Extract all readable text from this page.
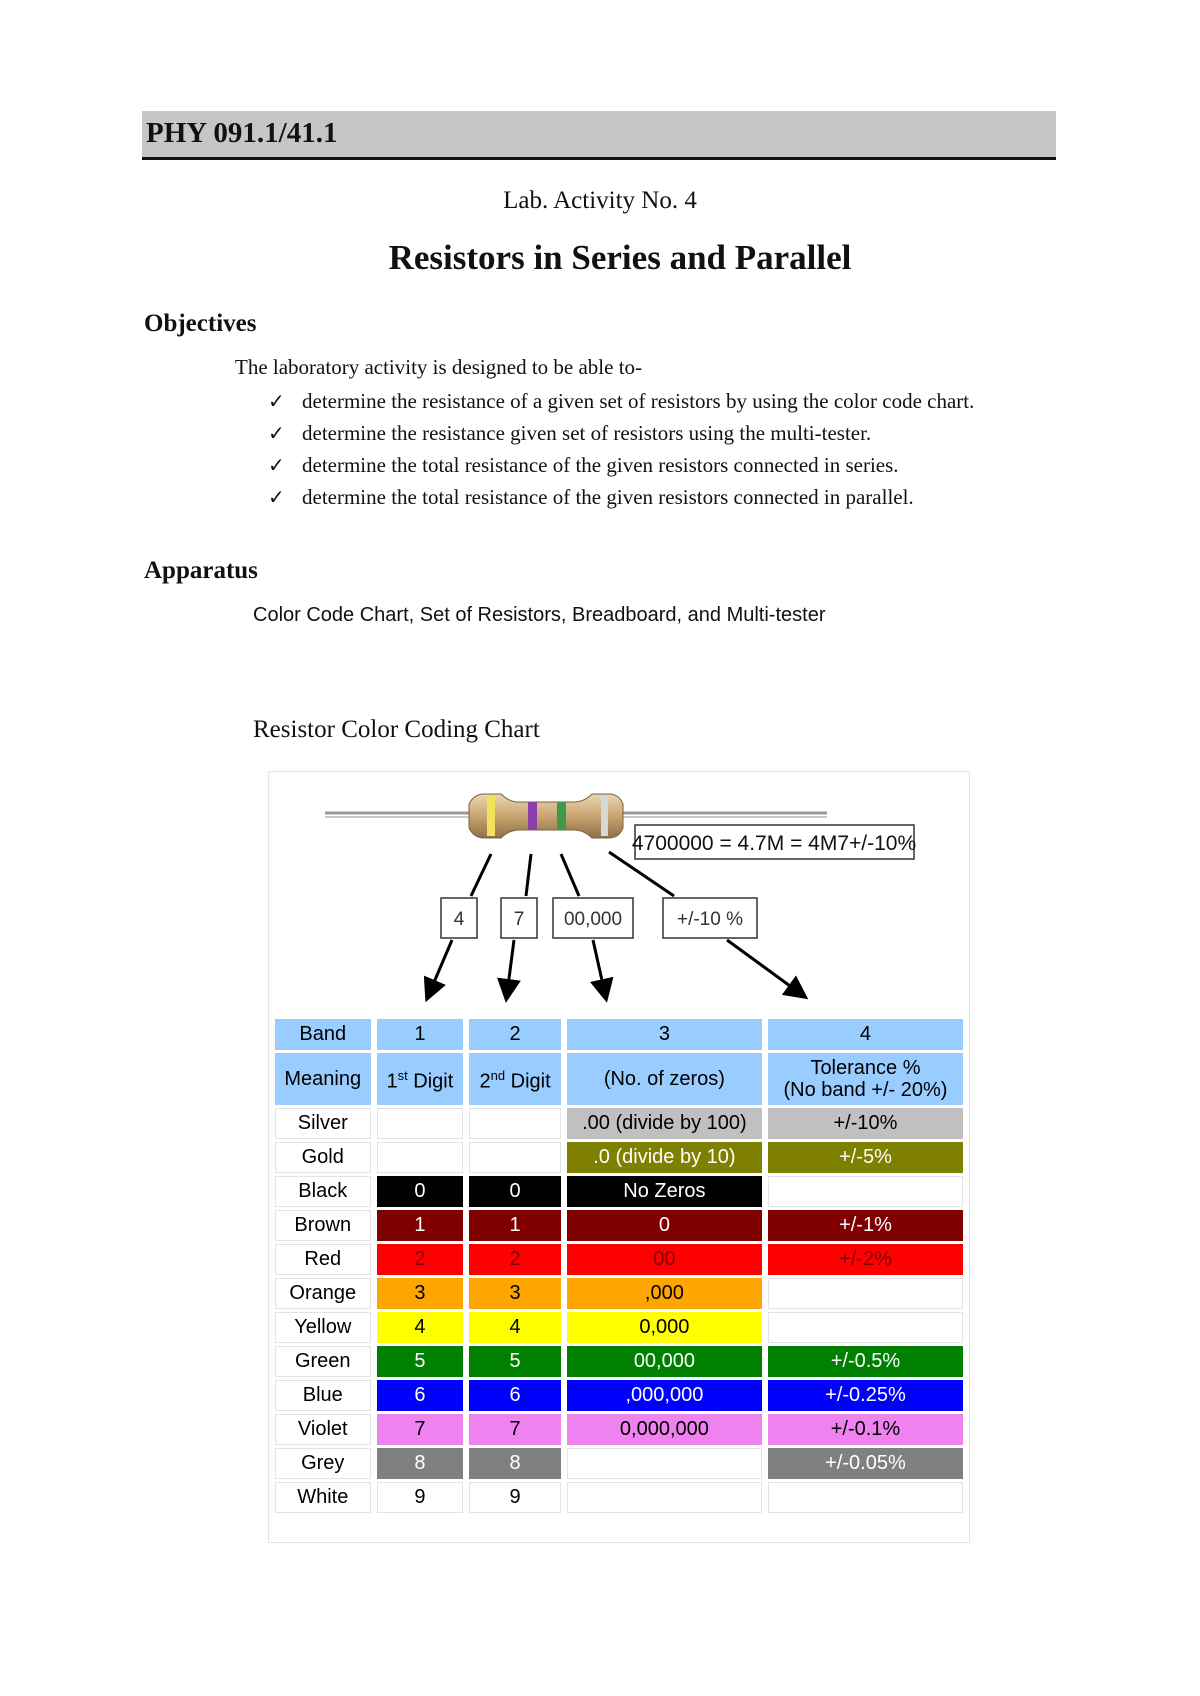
PHY 091.1/41.1
Lab. Activity No. 4
Resistors in Series and Parallel
Objectives
The laboratory activity is designed to be able to-
✓ determine the resistance of a given set of resistors by using the color code chart.
✓ determine the resistance given set of resistors using the multi-tester.
✓ determine the total resistance of the given resistors connected in series.
✓ determine the total resistance of the given resistors connected in parallel.
Apparatus
Color Code Chart, Set of Resistors, Breadboard, and Multi-tester
Resistor Color Coding Chart
4700000 = 4.7M = 4M7+/-10%
4	7 00,000	+/-10 %
Band	1	2	3	4
Meaning	1st Digit	2nd Digit	(No. of zeros)	Tolerance %
(No band +/- 20%)

Silver			.00 (divide by 100)	+/-10%
Gold			.0 (divide by 10)	+/-5%
Black	0	0	No Zeros	
Brown	1	1	0	+/-1%
Red	2	2	00	+/-2%
Orange	3	3	,000	
Yellow	4	4	0,000	
Green	5	5	00,000	+/-0.5%
Blue	6	6	,000,000	+/-0.25%
Violet	7	7	0,000,000	+/-0.1%
Grey	8	8		+/-0.05%
White	9	9		
